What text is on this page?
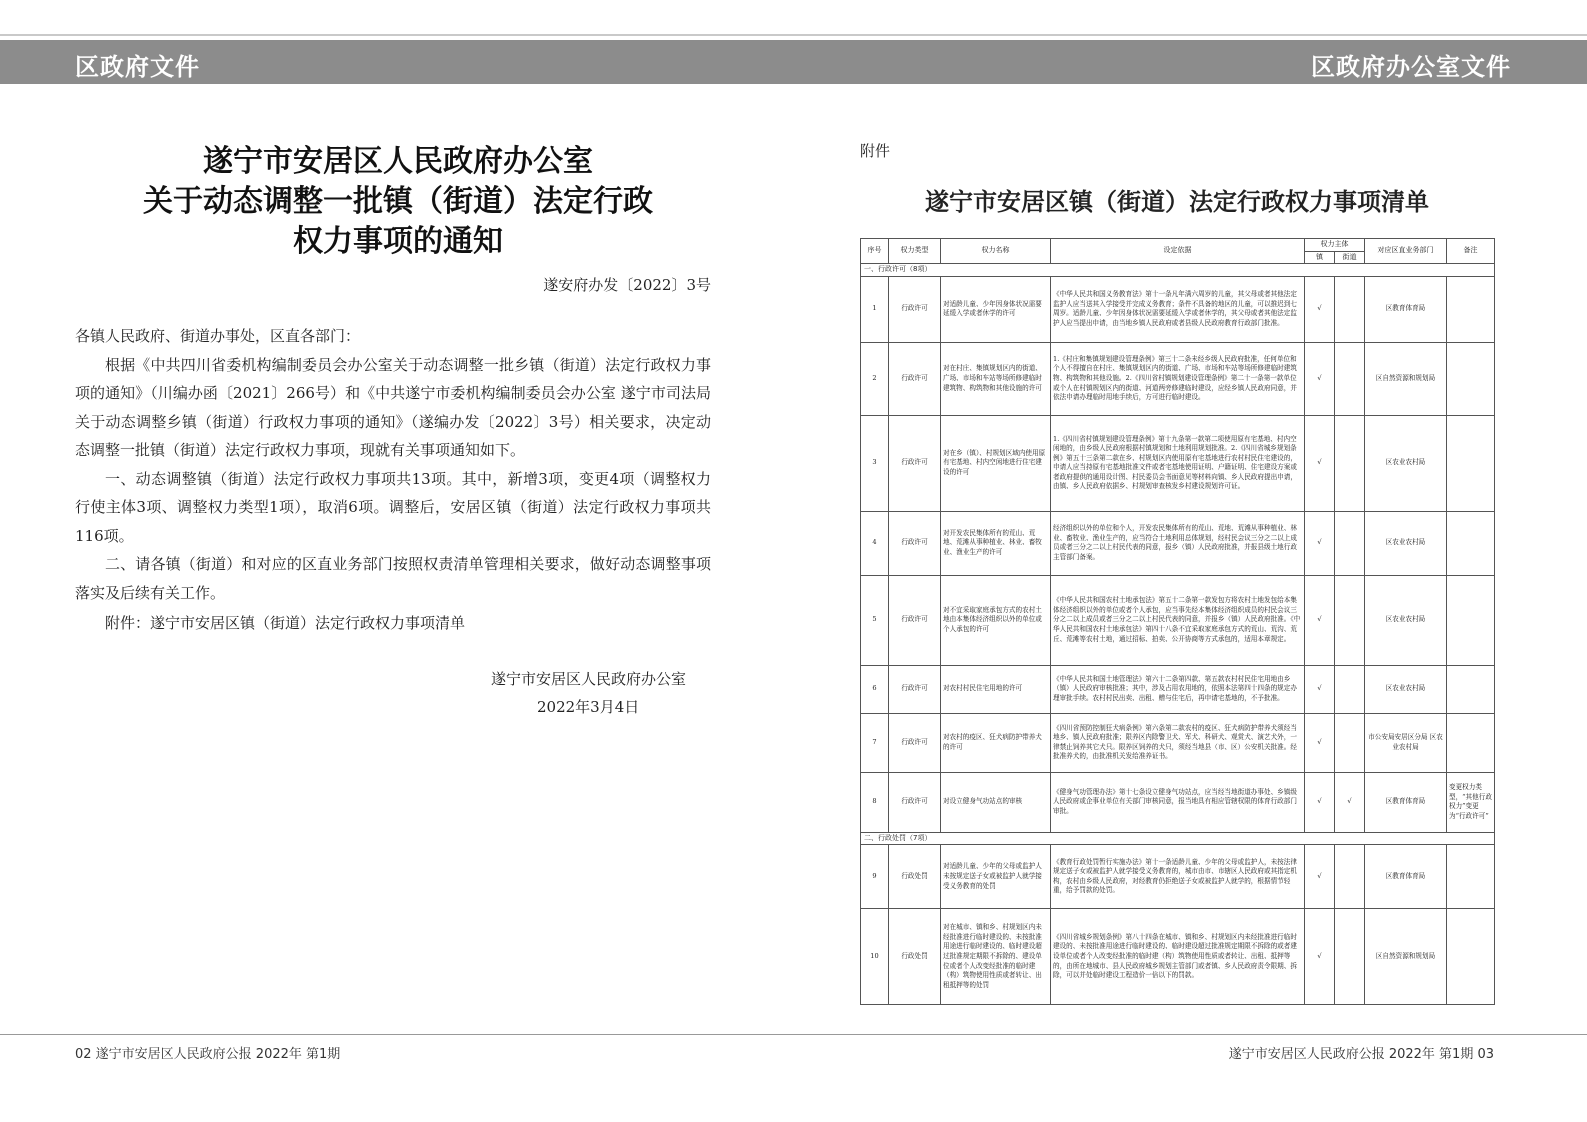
区政府文件	区政府办公室文件
遂宁市安居区人民政府办公室
关于动态调整一批镇（街道）法定行政
权力事项的通知
遂安府办发〔2022〕3号

各镇人民政府、街道办事处，区直各部门：

根据《中共四川省委机构编制委员会办公室关于动态调整一批乡镇（街道）法定行政权力事项的通知》（川编办函〔2021〕266号）和《中共遂宁市委机构编制委员会办公室 遂宁市司法局关于动态调整乡镇（街道）行政权力事项的通知》（遂编办发〔2022〕3号）相关要求，决定动态调整一批镇（街道）法定行政权力事项，现就有关事项通知如下。

一、动态调整镇（街道）法定行政权力事项共13项。其中，新增3项，变更4项（调整权力行使主体3项、调整权力类型1项），取消6项。调整后，安居区镇（街道）法定行政权力事项共116项。

二、请各镇（街道）和对应的区直业务部门按照权责清单管理相关要求，做好动态调整事项落实及后续有关工作。

附件：遂宁市安居区镇（街道）法定行政权力事项清单
遂宁市安居区人民政府办公室
2022年3月4日
附件
遂宁市安居区镇（街道）法定行政权力事项清单
序号	权力类型	权力名称	设定依据	权力主体		对应区直业务部门	备注
				镇	街道		
一、行政许可（8项）							
1	行政许可	对适龄儿童、少年因身体状况需要延缓入学或者休学的许可	《中华人民共和国义务教育法》第十一条凡年满六周岁的儿童，其父母或者其他法定监护人应当送其入学接受并完成义务教育；条件不具备的地区的儿童，可以推迟到七周岁。适龄儿童、少年因身体状况需要延缓入学或者休学的，其父母或者其他法定监护人应当提出申请，由当地乡镇人民政府或者县级人民政府教育行政部门批准。	√		区教育体育局	
2	行政许可	对在村庄、集镇规划区内的街道、广场、市场和车站等场所修建临时建筑物、构筑物和其他设施的许可	1.《村庄和集镇规划建设管理条例》第三十二条未经乡级人民政府批准，任何单位和个人不得擅自在村庄、集镇规划区内的街道、广场、市场和车站等场所修建临时建筑物、构筑物和其他设施。2.《四川省村镇规划建设管理条例》第二十一条第一款单位或个人在村镇规划区内的街道、河道两旁修建临时建设，应经乡镇人民政府同意，并依法申请办理临时用地手续后，方可进行临时建设。	√		区自然资源和规划局	
3	行政许可	对在乡（镇）、村规划区域内使用原有宅基地、村内空闲地进行住宅建设的许可	1.《四川省村镇规划建设管理条例》第十九条第一款第二项使用原有宅基地、村内空闲地的，由乡级人民政府根据村镇规划和土地利用规划批准。2.《四川省城乡规划条例》第五十三条第二款在乡、村规划区内使用原有宅基地进行农村村民住宅建设的，申请人应当持原有宅基地批准文件或者宅基地使用证明、户籍证明、住宅建设方案或者政府提供的通用设计图、村民委员会书面意见等材料向镇、乡人民政府提出申请，由镇、乡人民政府依据乡、村规划审查核发乡村建设规划许可证。	√		区农业农村局	
4	行政许可	对开发农民集体所有的荒山、荒地、荒滩从事种植业、林业、畜牧业、渔业生产的许可	经济组织以外的单位和个人，开发农民集体所有的荒山、荒地、荒滩从事种植业、林业、畜牧业、渔业生产的，应当符合土地利用总体规划，经村民会议三分之二以上成员或者三分之二以上村民代表的同意，报乡（镇）人民政府批准，并报县级土地行政主管部门备案。	√		区农业农村局	
5	行政许可	对不宜采取家庭承包方式的农村土地由本集体经济组织以外的单位或个人承包的许可	《中华人民共和国农村土地承包法》第五十二条第一款发包方将农村土地发包给本集体经济组织以外的单位或者个人承包，应当事先经本集体经济组织成员的村民会议三分之二以上成员或者三分之二以上村民代表的同意，并报乡（镇）人民政府批准。《中华人民共和国农村土地承包法》第四十八条不宜采取家庭承包方式的荒山、荒沟、荒丘、荒滩等农村土地，通过招标、拍卖、公开协商等方式承包的，适用本章规定。	√		区农业农村局	
6	行政许可	对农村村民住宅用地的许可	《中华人民共和国土地管理法》第六十二条第四款、第五款农村村民住宅用地由乡（镇）人民政府审核批准；其中，涉及占用农用地的，依照本法第四十四条的规定办理审批手续。农村村民出卖、出租、赠与住宅后，再申请宅基地的，不予批准。	√		区农业农村局	
7	行政许可	对农村的疫区、狂犬病防护带养犬的许可	《四川省预防控制狂犬病条例》第六条第二款农村的疫区、狂犬病防护带养犬须经当地乡、镇人民政府批准；限养区内除警卫犬、军犬、科研犬、观赏犬、演艺犬外，一律禁止饲养其它犬只。限养区饲养的犬只，须经当地县（市、区）公安机关批准。经批准养犬的，由批准机关发给准养证书。	√		市公安局安居区分局 区农业农村局	
8	行政许可	对设立健身气功站点的审核	《健身气功管理办法》第十七条设立健身气功站点，应当经当地街道办事处、乡镇级人民政府或企事业单位有关部门审核同意，报当地具有相应管辖权限的体育行政部门审批。	√	√	区教育体育局	变更权力类型，“其他行政权力”变更为“行政许可”
二、行政处罚（7项）							
9	行政处罚	对适龄儿童、少年的父母或监护人未按规定送子女或被监护人就学接受义务教育的处罚	《教育行政处罚暂行实施办法》第十一条适龄儿童、少年的父母或监护人，未按法律规定送子女或被监护人就学接受义务教育的，城市由市、市辖区人民政府或其指定机构，农村由乡级人民政府，对经教育仍拒绝送子女或被监护人就学的，根据情节轻重，给予罚款的处罚。	√		区教育体育局	
10	行政处罚	对在城市、镇和乡、村规划区内未经批准进行临时建设的、未按批准用途进行临时建设的、临时建设超过批准规定期限不拆除的、建设单位或者个人改变经批准的临时建（构）筑物使用性质或者转让、出租抵押等的处罚	《四川省城乡规划条例》第八十四条在城市、镇和乡、村规划区内未经批准进行临时建设的、未按批准用途进行临时建设的、临时建设超过批准规定期限不拆除的或者建设单位或者个人改变经批准的临时建（构）筑物使用性质或者转让、出租、抵押等的，由所在地城市、县人民政府城乡规划主管部门或者镇、乡人民政府责令限期、拆除，可以并处临时建设工程造价一倍以下的罚款。	√		区自然资源和规划局	
02 遂宁市安居区人民政府公报 2022年 第1期	遂宁市安居区人民政府公报 2022年 第1期 03
